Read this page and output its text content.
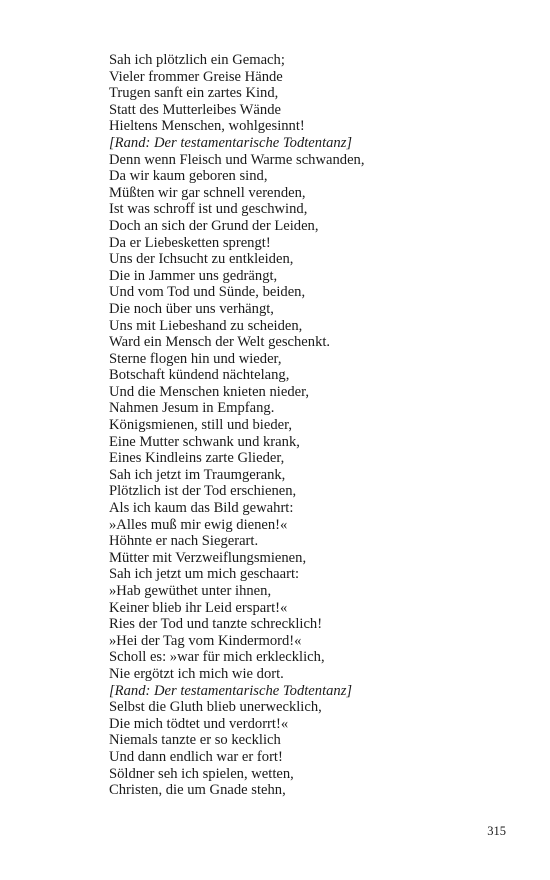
Sah ich plötzlich ein Gemach;
Vieler frommer Greise Hände
Trugen sanft ein zartes Kind,
Statt des Mutterleibes Wände
Hieltens Menschen, wohlgesinnt!
[Rand: Der testamentarische Todtentanz]
Denn wenn Fleisch und Warme schwanden,
Da wir kaum geboren sind,
Müßten wir gar schnell verenden,
Ist was schroff ist und geschwind,
Doch an sich der Grund der Leiden,
Da er Liebesketten sprengt!
Uns der Ichsucht zu entkleiden,
Die in Jammer uns gedrängt,
Und vom Tod und Sünde, beiden,
Die noch über uns verhängt,
Uns mit Liebeshand zu scheiden,
Ward ein Mensch der Welt geschenkt.
Sterne flogen hin und wieder,
Botschaft kündend nächtelang,
Und die Menschen knieten nieder,
Nahmen Jesum in Empfang.
Königsmienen, still und bieder,
Eine Mutter schwank und krank,
Eines Kindleins zarte Glieder,
Sah ich jetzt im Traumgerank,
Plötzlich ist der Tod erschienen,
Als ich kaum das Bild gewahrt:
»Alles muß mir ewig dienen!«
Höhnte er nach Siegerart.
Mütter mit Verzweiflungsmienen,
Sah ich jetzt um mich geschaart:
»Hab gewüthet unter ihnen,
Keiner blieb ihr Leid erspart!«
Ries der Tod und tanzte schrecklich!
»Hei der Tag vom Kindermord!«
Scholl es: »war für mich erklecklich,
Nie ergötzt ich mich wie dort.
[Rand: Der testamentarische Todtentanz]
Selbst die Gluth blieb unerwecklich,
Die mich tödtet und verdorrt!«
Niemals tanzte er so kecklich
Und dann endlich war er fort!
Söldner seh ich spielen, wetten,
Christen, die um Gnade stehn,
315
